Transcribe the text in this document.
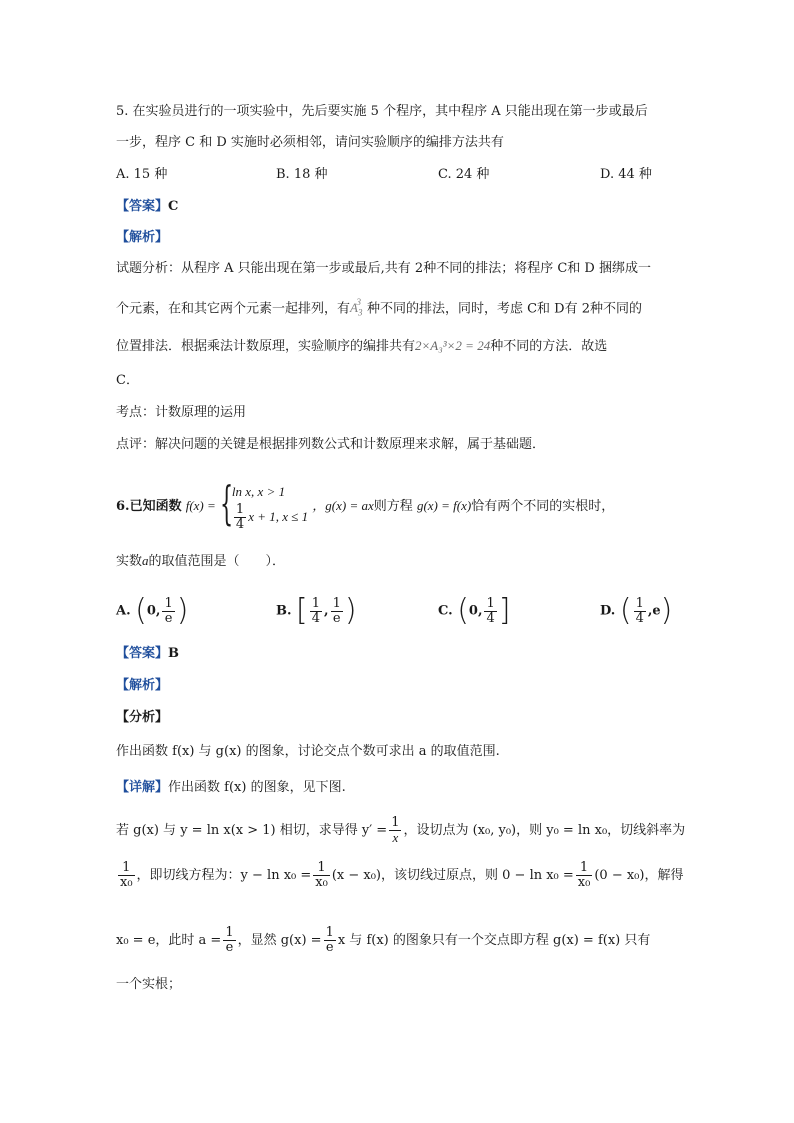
5. 在实验员进行的一项实验中，先后要实施 5 个程序，其中程序 A 只能出现在第一步或最后
一步，程序 C 和 D 实施时必须相邻，请问实验顺序的编排方法共有
A. 15 种	B. 18 种	C. 24 种	D. 44 种
【答案】C
【解析】
试题分析：从程序 A 只能出现在第一步或最后,共有 2种不同的排法；将程序 C和 D 捆绑成一
个元素，在和其它两个元素一起排列，有$A_3^3$ 种不同的排法，同时，考虑 C和 D有 2种不同的
位置排法．根据乘法计数原理，实验顺序的编排共有2×A₃³×2 = 24种不同的方法．故选
C．
考点：计数原理的运用
点评：解决问题的关键是根据排列数公式和计数原理来求解，属于基础题．
6.已知函数 f(x) = {
ln x, x > 1
$\frac{1}{4}$ x + 1, x ≤ 1
，g(x) = ax则方程 g(x) = f(x)恰有两个不同的实根时，
实数a的取值范围是（　　）．
A. (0, $\frac{1}{e}$ )	B. [ $\frac{1}{4}$ , $\frac{1}{e}$ )	C. (0, $\frac{1}{4}$ ]	D. ( $\frac{1}{4} ,e$)
【答案】B
【解析】
【分析】
作出函数 f(x) 与 g(x) 的图象，讨论交点个数可求出 a 的取值范围.
【详解】作出函数 f(x) 的图象，见下图.
若 g(x) 与 y = ln x(x > 1) 相切，求导得 $y' = \frac{1}{x}$ ，设切点为 (x₀, y₀)，则 y₀ = ln x₀，切线斜率为
$\frac{1}{\text{x₀}}$ ，即切线方程为：$y - \ln x_0 = \frac{1}{\text{x₀}} (x - x_0)$，该切线过原点，则 $0 - \ln x_0 = \frac{1}{\text{x₀}} (0 - x_0)$，解得
x₀ = e，此时 $a = \frac{1}{e}$ ，显然 $g(x) = \frac{1}{e}$ x 与 f(x) 的图象只有一个交点即方程 g(x) = f(x) 只有
一个实根；
